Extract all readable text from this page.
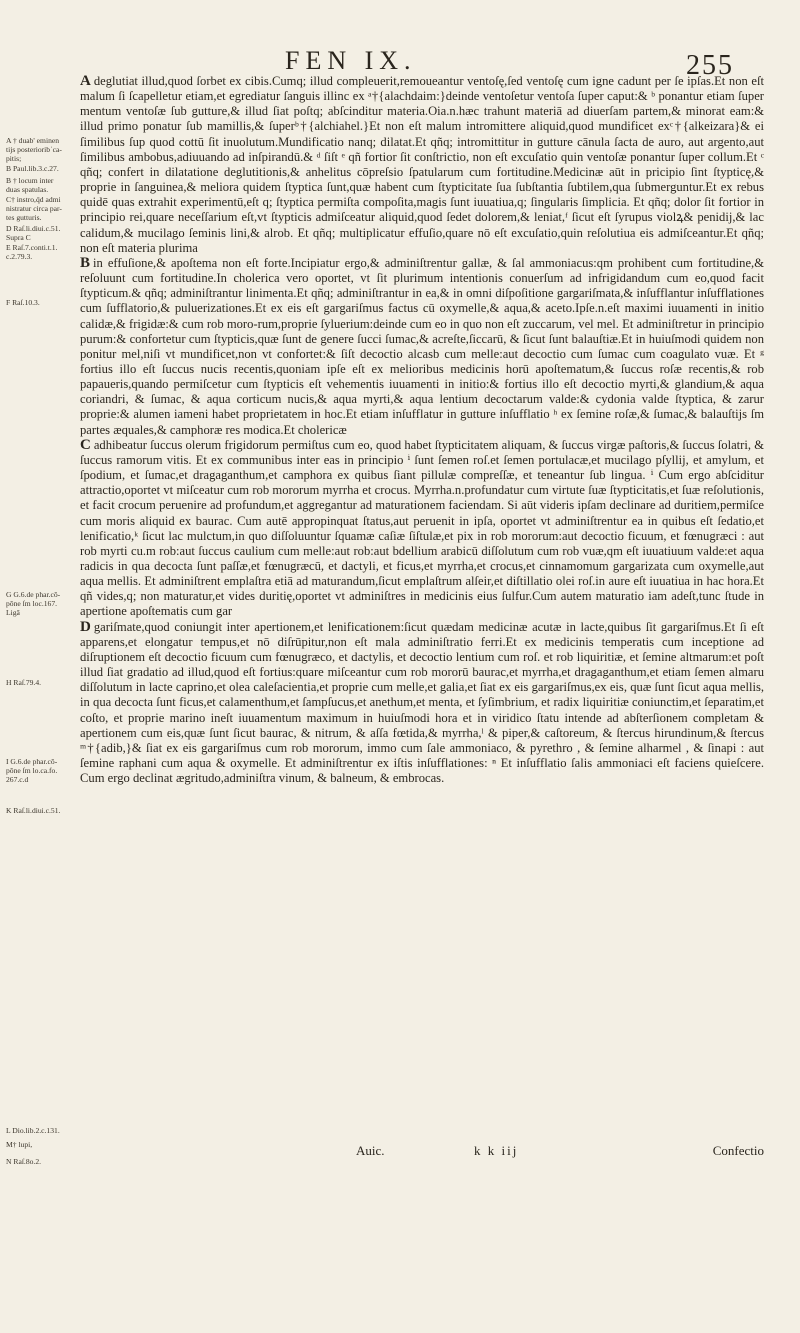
FEN IX.	255
A † duab' eminen
tijs posterioribʾca-
pitis;
B Paul.lib.3.c.27.
B † locum inter
duas spatulas.
C† instro,q̄d admi
nistratur circa par-
tes gutturis.
D Raſ.li.diui.c.51.
Supra C
E Raſ.7.conti.t.1.
c.2.79.3.
F Raſ.10.3.
G G.6.de phar.cō-
pōne ſm loc.167.
Ligā
H Raſ.79.4.
I G.6.de phar.cō-
pōne ſm lo.ca.fo.
267.c.d
K Raſ.li.diui.c.51.
L Dio.lib.2.c.131.
M† lupi,
N Raſ.8o.2.

A deglutiat illud,quod ſorbet ex cibis.Cumq; illud compleuerit,remoueantur ventoſę,ſed ventoſę cum igne cadunt per ſe ipſas.Et non eſt malum ſi ſcapelletur etiam,et egrediatur ſanguis illinc ex ᵃ†{alachdaim:}deinde ventoſetur ventoſa ſuper caput:& ᵇ ponantur etiam ſuper mentum ventoſæ ſub gutture,& illud ſiat poſtq; abſcinditur materia.Oia.n.hæc trahunt materiā ad diuerſam partem,& minorat eam:& illud primo ponatur ſub mamillis,& ſuperᵇ†{alchiahel.}Et non eſt malum intromittere aliquid,quod mundificet exᶜ†{alkeizara}& ei ſimilibus ſup quod cottū ſit inuolutum.Mundificatio nanq; dilatat.Et qñq; intromittitur in gutture cānula ſacta de auro, aut argento,aut ſimilibus ambobus,adiuuando ad inſpirandū.& ᵈ ſiſt ᵉ qñ fortior ſit conſtrictio, non eſt excuſatio quin ventoſæ ponantur ſuper collum.Et ᶜ qñq; confert in dilatatione deglutitionis,& anhelitus cōpreſsio ſpatularum cum fortitudine.Medicinæ aūt in pricipio ſint ſtypticę,& proprie in ſanguinea,& meliora quidem ſtyptica ſunt,quæ habent cum ſtypticitate ſua ſubſtantia ſubtilem,qua ſubmerguntur.Et ex rebus quidē quas extrahit experimentū,eſt q; ſtyptica permiſta compoſita,magis ſunt iuuatiua,q; ſingularis ſimplicia. Et qñq; dolor ſit fortior in principio rei,quare neceſſarium eſt,vt ſtypticis admiſceatur aliquid,quod ſedet dolorem,& leniat,ᶠ ſicut eſt ſyrupus violꝝ& penidij,& lac calidum,& mucilago ſeminis lini,& alrob. Et qñq; multiplicatur effuſio,quare nō eſt excuſatio,quin reſolutiua eis admiſceantur.Et qñq; non eſt materia plurima

B in effuſione,& apoſtema non eſt forte.Incipiatur ergo,& adminiſtrentur gallæ, & ſal ammoniacus:qm prohibent cum fortitudine,& reſoluunt cum fortitudine.In cholerica vero oportet, vt ſit plurimum intentionis conuerſum ad infrigidandum cum eo,quod facit ſtypticum.& qñq; adminiſtrantur linimenta.Et qñq; adminiſtrantur in ea,& in omni diſpoſitione gargariſmata,& inſufflantur inſufflationes cum ſufflatorio,& puluerizationes.Et ex eis eſt gargariſmus factus cū oxymelle,& aqua,& aceto.Ipſe.n.eſt maximi iuuamenti in initio calidæ,& frigidæ:& cum rob moro-rum,proprie ſyluerium:deinde cum eo in quo non eſt zuccarum, vel mel. Et adminiſtretur in principio purum:& confortetur cum ſtypticis,quæ ſunt de genere ſucci ſumac,& acreſte,ſiccarū, & ſicut ſunt balauſtiæ.Et in huiuſmodi quidem non ponitur mel,niſi vt mundificet,non vt confortet:& ſiſt decoctio alcasb cum melle:aut decoctio cum ſumac cum coagulato vuæ. Et ᵍ fortius illo eſt ſuccus nucis recentis,quoniam ipſe eſt ex melioribus medicinis horū apoſtematum,& ſuccus roſæ recentis,& rob papaueris,quando permiſcetur cum ſtypticis eſt vehementis iuuamenti in initio:& fortius illo eſt decoctio myrti,& glandium,& aqua coriandri, & ſumac, & aqua corticum nucis,& aqua myrti,& aqua lentium decoctarum valde:& cydonia valde ſtyptica, & zarur proprie:& alumen iameni habet proprietatem in hoc.Et etiam inſufflatur in gutture inſufflatio ʰ ex ſemine roſæ,& ſumac,& balauſtijs ſm partes æquales,& camphoræ res modica.Et cholericæ

C adhibeatur ſuccus olerum frigidorum permiſtus cum eo, quod habet ſtypticitatem aliquam, & ſuccus virgæ paſtoris,& ſuccus ſolatri, & ſuccus ramorum vitis. Et ex communibus inter eas in principio ⁱ ſunt ſemen roſ.et ſemen portulacæ,et mucilago pſyllij, et amylum, et ſpodium, et ſumac,et dragaganthum,et camphora ex quibus ſiant pillulæ compreſſæ, et teneantur ſub lingua. ⁱ Cum ergo abſciditur attractio,oportet vt miſceatur cum rob mororum myrrha et crocus. Myrrha.n.profundatur cum virtute ſuæ ſtypticitatis,et ſuæ reſolutionis, et facit crocum peruenire ad profundum,et aggregantur ad maturationem faciendam. Si aūt videris ipſam declinare ad duritiem,permiſce cum moris aliquid ex baurac. Cum autē appropinquat ſtatus,aut peruenit in ipſa, oportet vt adminiſtrentur ea in quibus eſt ſedatio,et lenificatio,ᵏ ſicut lac mulctum,in quo diſſoluuntur ſquamæ caſiæ ſiſtulæ,et pix in rob mororum:aut decoctio ficuum, et fœnugræci : aut rob myrti cu.m rob:aut ſuccus caulium cum melle:aut rob:aut bdellium arabicū diſſolutum cum rob vuæ,qm eſt iuuatiuum valde:et aqua radicis in qua decocta ſunt paſſæ,et fœnugræcū, et dactyli, et ficus,et myrrha,et crocus,et cinnamomum gargarizata cum oxymelle,aut aqua mellis. Et adminiſtrent emplaſtra etiā ad maturandum,ſicut emplaſtrum alſeir,et diſtillatio olei roſ.in aure eſt iuuatiua in hac hora.Et qñ vides,q; non maturatur,et vides duritię,oportet vt adminiſtres in medicinis eius ſulfur.Cum autem maturatio iam adeſt,tunc ſtude in apertione apoſtematis cum gar

D gariſmate,quod coniungit inter apertionem,et lenificationem:ſicut quædam medicinæ acutæ in lacte,quibus ſit gargariſmus.Et ſi eſt apparens,et elongatur tempus,et nō diſrūpitur,non eſt mala adminiſtratio ferri.Et ex medicinis temperatis cum inceptione ad diſruptionem eſt decoctio ficuum cum fœnugræco, et dactylis, et decoctio lentium cum roſ. et rob liquiritiæ, et ſemine altmarum:et poſt illud ſiat gradatio ad illud,quod eſt fortius:quare miſceantur cum rob mororū baurac,et myrrha,et dragaganthum,et etiam ſemen almaru diſſolutum in lacte caprino,et olea caleſacientia,et proprie cum melle,et galia,et ſiat ex eis gargariſmus,ex eis, quæ ſunt ſicut aqua mellis, in qua decocta ſunt ficus,et calamenthum,et ſampſucus,et anethum,et menta, et ſyſimbrium, et radix liquiritiæ coniunctim,et ſeparatim,et coſto, et proprie marino ineſt iuuamentum maximum in huiuſmodi hora et in viridico ſtatu intende ad abſterſionem completam & apertionem cum eis,quæ ſunt ſicut baurac, & nitrum, & aſſa fœtida,& myrrha,ˡ & piper,& caſtoreum, & ſtercus hirundinum,& ſtercus ᵐ†{adib,}& ſiat ex eis gargariſmus cum rob mororum, immo cum ſale ammoniaco, & pyrethro , & ſemine alharmel , & ſinapi : aut ſemine raphani cum aqua & oxymelle. Et adminiſtrentur ex iſtis inſufflationes: ⁿ Et inſufflatio ſalis ammoniaci eſt faciens quieſcere. Cum ergo declinat ægritudo,adminiſtra vinum, & balneum, & embrocas.

Auic.	k k iij	Confectio
